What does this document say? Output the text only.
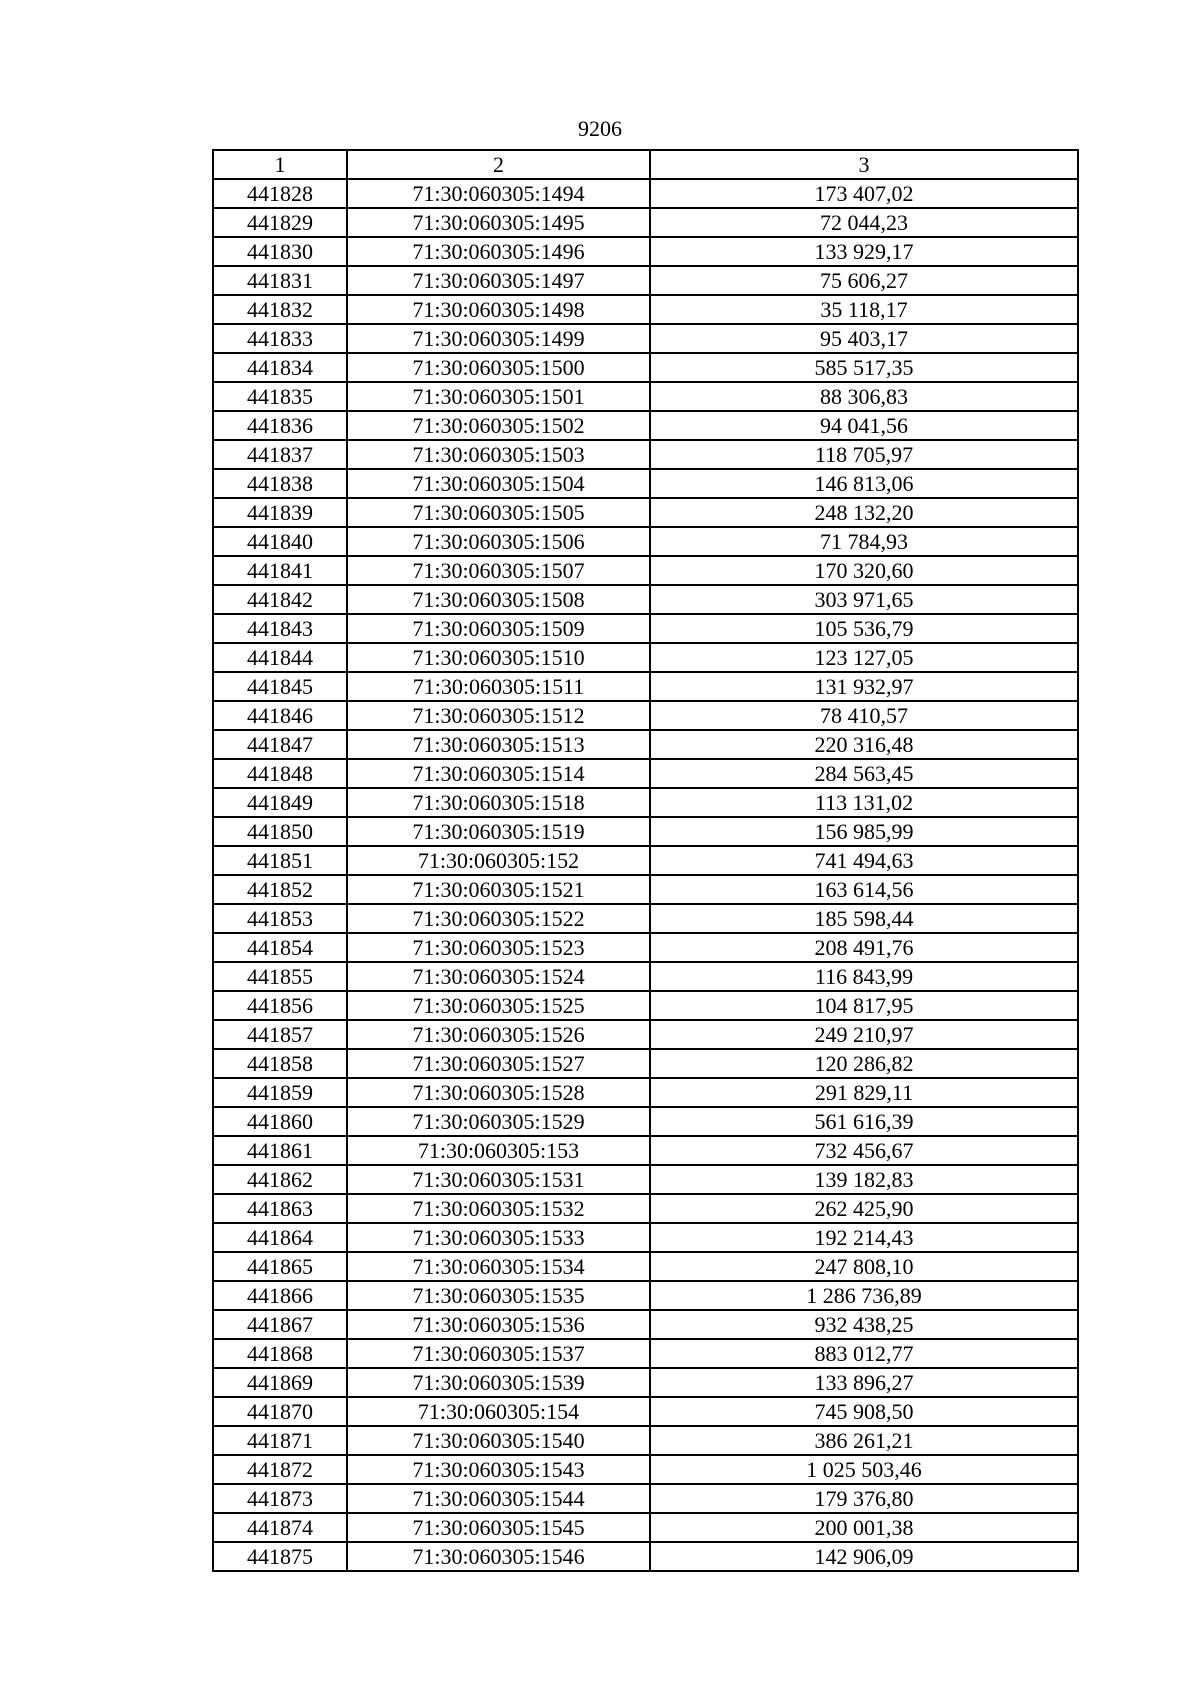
9206
1	2	3
441828	71:30:060305:1494	173 407,02
441829	71:30:060305:1495	72 044,23
441830	71:30:060305:1496	133 929,17
441831	71:30:060305:1497	75 606,27
441832	71:30:060305:1498	35 118,17
441833	71:30:060305:1499	95 403,17
441834	71:30:060305:1500	585 517,35
441835	71:30:060305:1501	88 306,83
441836	71:30:060305:1502	94 041,56
441837	71:30:060305:1503	118 705,97
441838	71:30:060305:1504	146 813,06
441839	71:30:060305:1505	248 132,20
441840	71:30:060305:1506	71 784,93
441841	71:30:060305:1507	170 320,60
441842	71:30:060305:1508	303 971,65
441843	71:30:060305:1509	105 536,79
441844	71:30:060305:1510	123 127,05
441845	71:30:060305:1511	131 932,97
441846	71:30:060305:1512	78 410,57
441847	71:30:060305:1513	220 316,48
441848	71:30:060305:1514	284 563,45
441849	71:30:060305:1518	113 131,02
441850	71:30:060305:1519	156 985,99
441851	71:30:060305:152	741 494,63
441852	71:30:060305:1521	163 614,56
441853	71:30:060305:1522	185 598,44
441854	71:30:060305:1523	208 491,76
441855	71:30:060305:1524	116 843,99
441856	71:30:060305:1525	104 817,95
441857	71:30:060305:1526	249 210,97
441858	71:30:060305:1527	120 286,82
441859	71:30:060305:1528	291 829,11
441860	71:30:060305:1529	561 616,39
441861	71:30:060305:153	732 456,67
441862	71:30:060305:1531	139 182,83
441863	71:30:060305:1532	262 425,90
441864	71:30:060305:1533	192 214,43
441865	71:30:060305:1534	247 808,10
441866	71:30:060305:1535	1 286 736,89
441867	71:30:060305:1536	932 438,25
441868	71:30:060305:1537	883 012,77
441869	71:30:060305:1539	133 896,27
441870	71:30:060305:154	745 908,50
441871	71:30:060305:1540	386 261,21
441872	71:30:060305:1543	1 025 503,46
441873	71:30:060305:1544	179 376,80
441874	71:30:060305:1545	200 001,38
441875	71:30:060305:1546	142 906,09
